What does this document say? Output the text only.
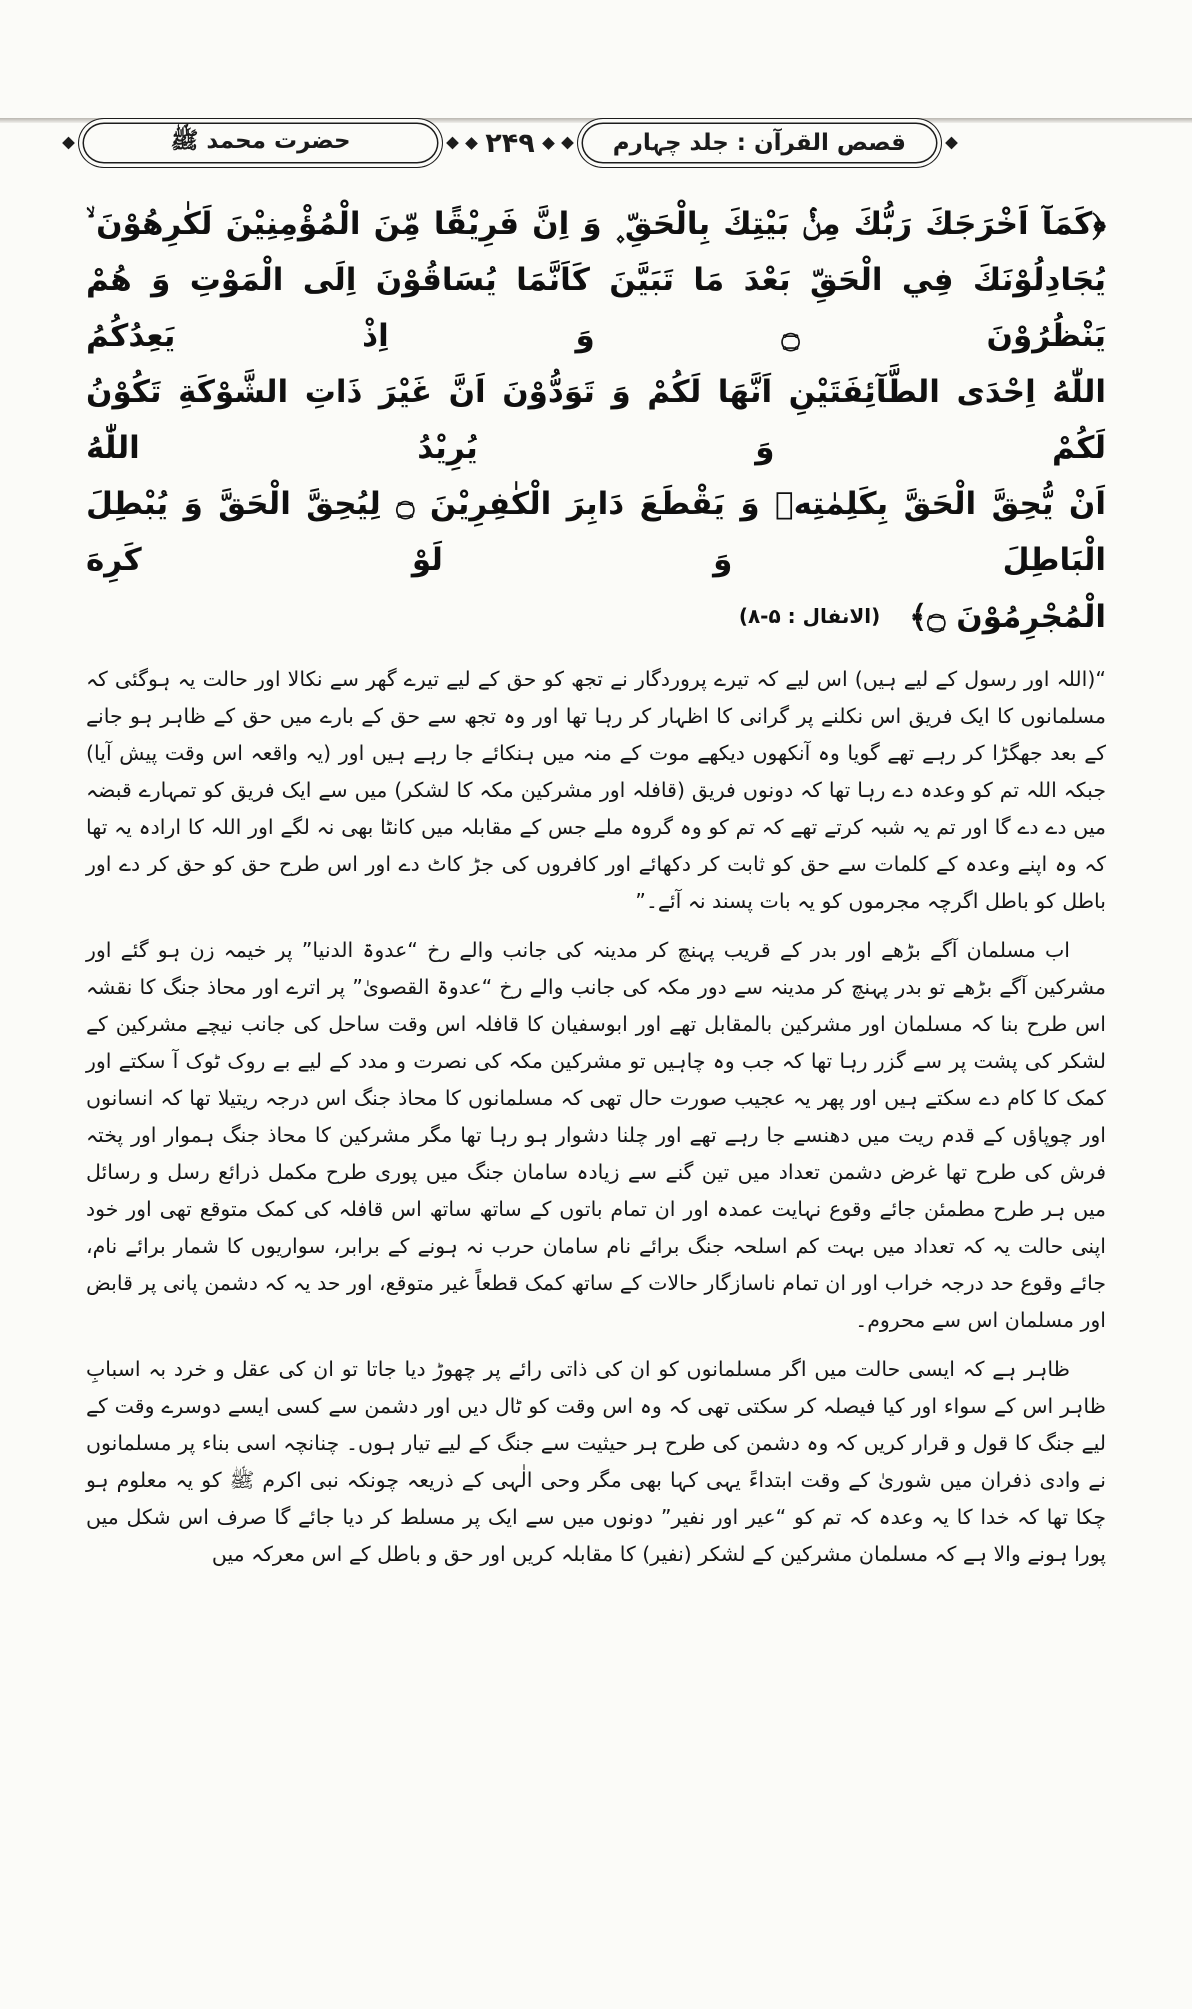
قصص القرآن : جلد چہارم
۲۴۹
حضرت محمد ﷺ
﴿كَمَآ اَخْرَجَكَ رَبُّكَ مِنْۢ بَيْتِكَ بِالْحَقِّ ۪ وَ اِنَّ فَرِيْقًا مِّنَ الْمُؤْمِنِيْنَ لَكٰرِهُوْنَ ۙ
يُجَادِلُوْنَكَ فِي الْحَقِّ بَعْدَ مَا تَبَيَّنَ كَاَنَّمَا يُسَاقُوْنَ اِلَى الْمَوْتِ وَ هُمْ يَنْظُرُوْنَ ۝ وَ اِذْ يَعِدُكُمُ
اللّٰهُ اِحْدَى الطَّآئِفَتَيْنِ اَنَّهَا لَكُمْ وَ تَوَدُّوْنَ اَنَّ غَيْرَ ذَاتِ الشَّوْكَةِ تَكُوْنُ لَكُمْ وَ يُرِيْدُ اللّٰهُ
اَنْ يُّحِقَّ الْحَقَّ بِكَلِمٰتِهٖ وَ يَقْطَعَ دَابِرَ الْكٰفِرِيْنَ ۝ لِيُحِقَّ الْحَقَّ وَ يُبْطِلَ الْبَاطِلَ وَ لَوْ كَرِهَ
الْمُجْرِمُوْنَ ۝﴾ (الانفال : ۵-۸)

“(اللہ اور رسول کے لیے ہیں) اس لیے کہ تیرے پروردگار نے تجھ کو حق کے لیے تیرے گھر سے نکالا اور حالت یہ ہوگئی کہ مسلمانوں کا ایک فریق اس نکلنے پر گرانی کا اظہار کر رہا تھا اور وہ تجھ سے حق کے بارے میں حق کے ظاہر ہو جانے کے بعد جھگڑا کر رہے تھے گویا وہ آنکھوں دیکھے موت کے منہ میں ہنکائے جا رہے ہیں اور (یہ واقعہ اس وقت پیش آیا) جبکہ اللہ تم کو وعدہ دے رہا تھا کہ دونوں فریق (قافلہ اور مشرکین مکہ کا لشکر) میں سے ایک فریق کو تمہارے قبضہ میں دے دے گا اور تم یہ شبہ کرتے تھے کہ تم کو وہ گروہ ملے جس کے مقابلہ میں کانٹا بھی نہ لگے اور اللہ کا ارادہ یہ تھا کہ وہ اپنے وعدہ کے کلمات سے حق کو ثابت کر دکھائے اور کافروں کی جڑ کاٹ دے اور اس طرح حق کو حق کر دے اور باطل کو باطل اگرچہ مجرموں کو یہ بات پسند نہ آئے۔”

اب مسلمان آگے بڑھے اور بدر کے قریب پہنچ کر مدینہ کی جانب والے رخ “عدوۃ الدنیا” پر خیمہ زن ہو گئے اور مشرکین آگے بڑھے تو بدر پہنچ کر مدینہ سے دور مکہ کی جانب والے رخ “عدوۃ القصویٰ” پر اترے اور محاذ جنگ کا نقشہ اس طرح بنا کہ مسلمان اور مشرکین بالمقابل تھے اور ابوسفیان کا قافلہ اس وقت ساحل کی جانب نیچے مشرکین کے لشکر کی پشت پر سے گزر رہا تھا کہ جب وہ چاہیں تو مشرکین مکہ کی نصرت و مدد کے لیے بے روک ٹوک آ سکتے اور کمک کا کام دے سکتے ہیں اور پھر یہ عجیب صورت حال تھی کہ مسلمانوں کا محاذ جنگ اس درجہ ریتیلا تھا کہ انسانوں اور چوپاؤں کے قدم ریت میں دھنسے جا رہے تھے اور چلنا دشوار ہو رہا تھا مگر مشرکین کا محاذ جنگ ہموار اور پختہ فرش کی طرح تھا غرض دشمن تعداد میں تین گنے سے زیادہ سامان جنگ میں پوری طرح مکمل ذرائع رسل و رسائل میں ہر طرح مطمئن جائے وقوع نہایت عمدہ اور ان تمام باتوں کے ساتھ ساتھ اس قافلہ کی کمک متوقع تھی اور خود اپنی حالت یہ کہ تعداد میں بہت کم اسلحہ جنگ برائے نام سامان حرب نہ ہونے کے برابر، سواریوں کا شمار برائے نام، جائے وقوع حد درجہ خراب اور ان تمام ناسازگار حالات کے ساتھ کمک قطعاً غیر متوقع، اور حد یہ کہ دشمن پانی پر قابض اور مسلمان اس سے محروم۔

ظاہر ہے کہ ایسی حالت میں اگر مسلمانوں کو ان کی ذاتی رائے پر چھوڑ دیا جاتا تو ان کی عقل و خرد بہ اسبابِ ظاہر اس کے سواء اور کیا فیصلہ کر سکتی تھی کہ وہ اس وقت کو ٹال دیں اور دشمن سے کسی ایسے دوسرے وقت کے لیے جنگ کا قول و قرار کریں کہ وہ دشمن کی طرح ہر حیثیت سے جنگ کے لیے تیار ہوں۔ چنانچہ اسی بناء پر مسلمانوں نے وادی ذفران میں شوریٰ کے وقت ابتداءً یہی کہا بھی مگر وحی الٰہی کے ذریعہ چونکہ نبی اکرم ﷺ کو یہ معلوم ہو چکا تھا کہ خدا کا یہ وعدہ کہ تم کو “عیر اور نفیر” دونوں میں سے ایک پر مسلط کر دیا جائے گا صرف اس شکل میں پورا ہونے والا ہے کہ مسلمان مشرکین کے لشکر (نفیر) کا مقابلہ کریں اور حق و باطل کے اس معرکہ میں
